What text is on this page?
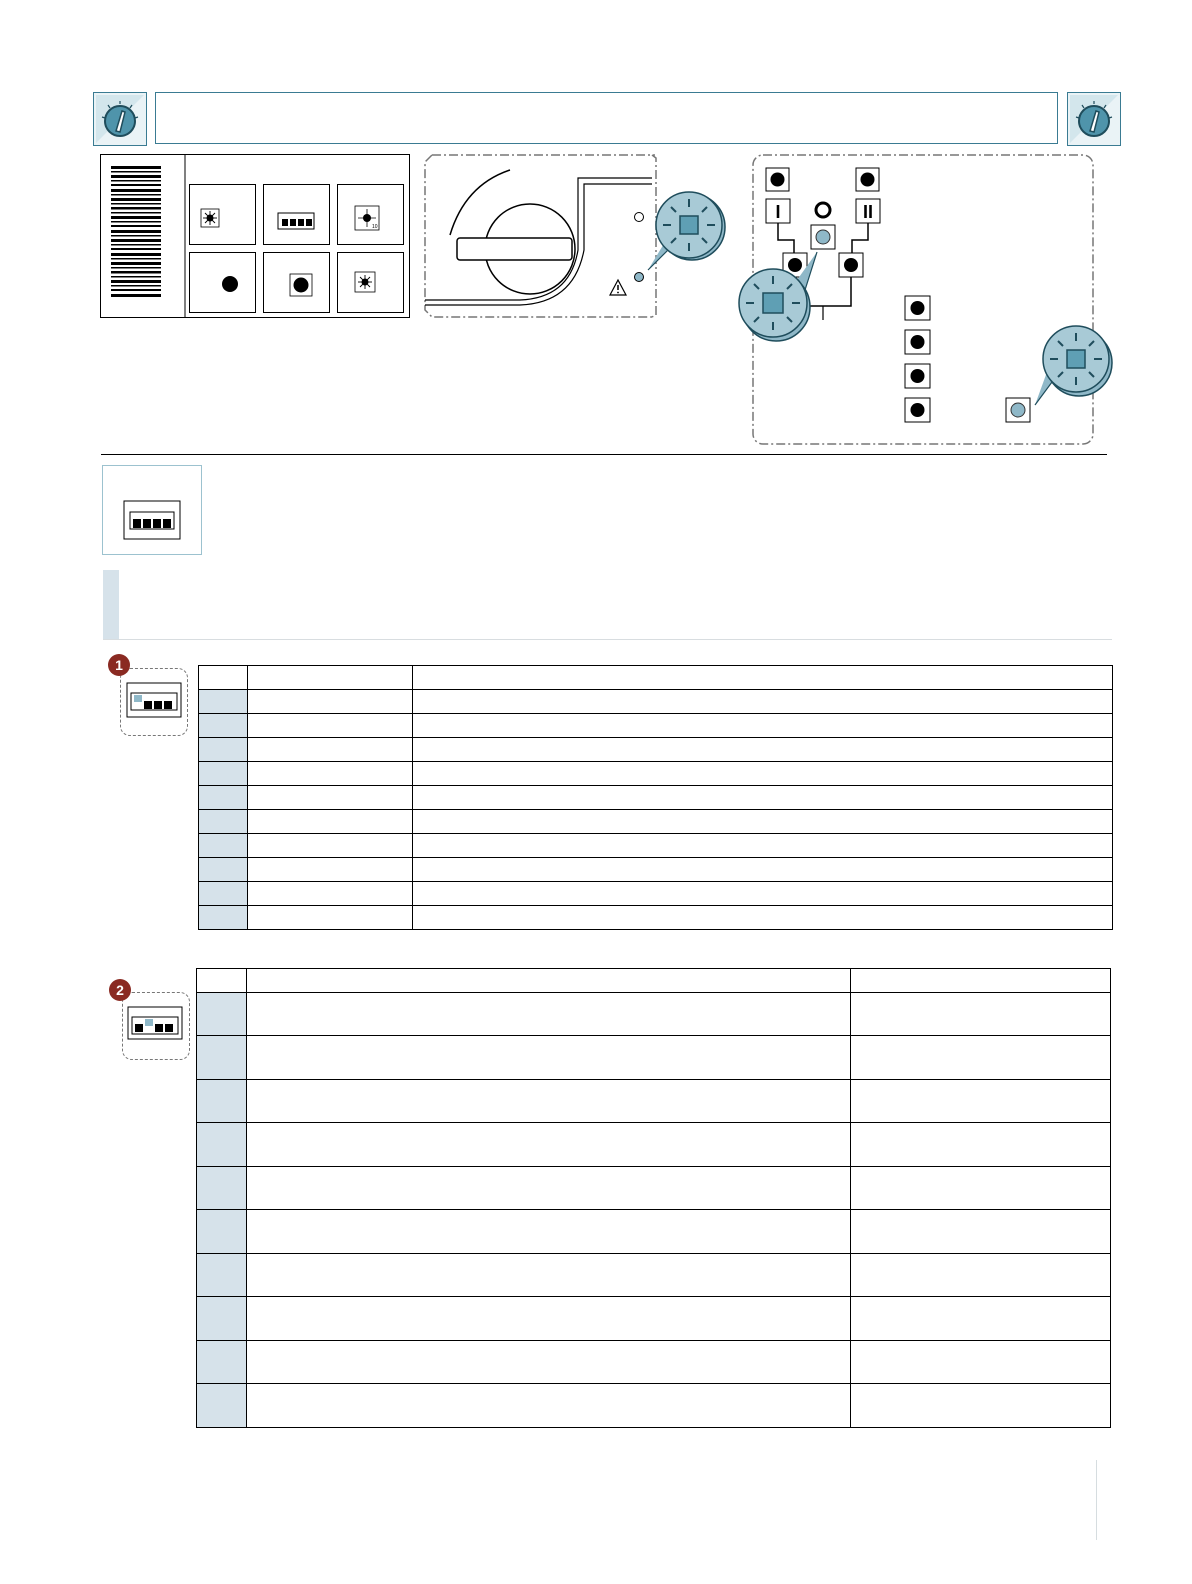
10
I	II
1

2
